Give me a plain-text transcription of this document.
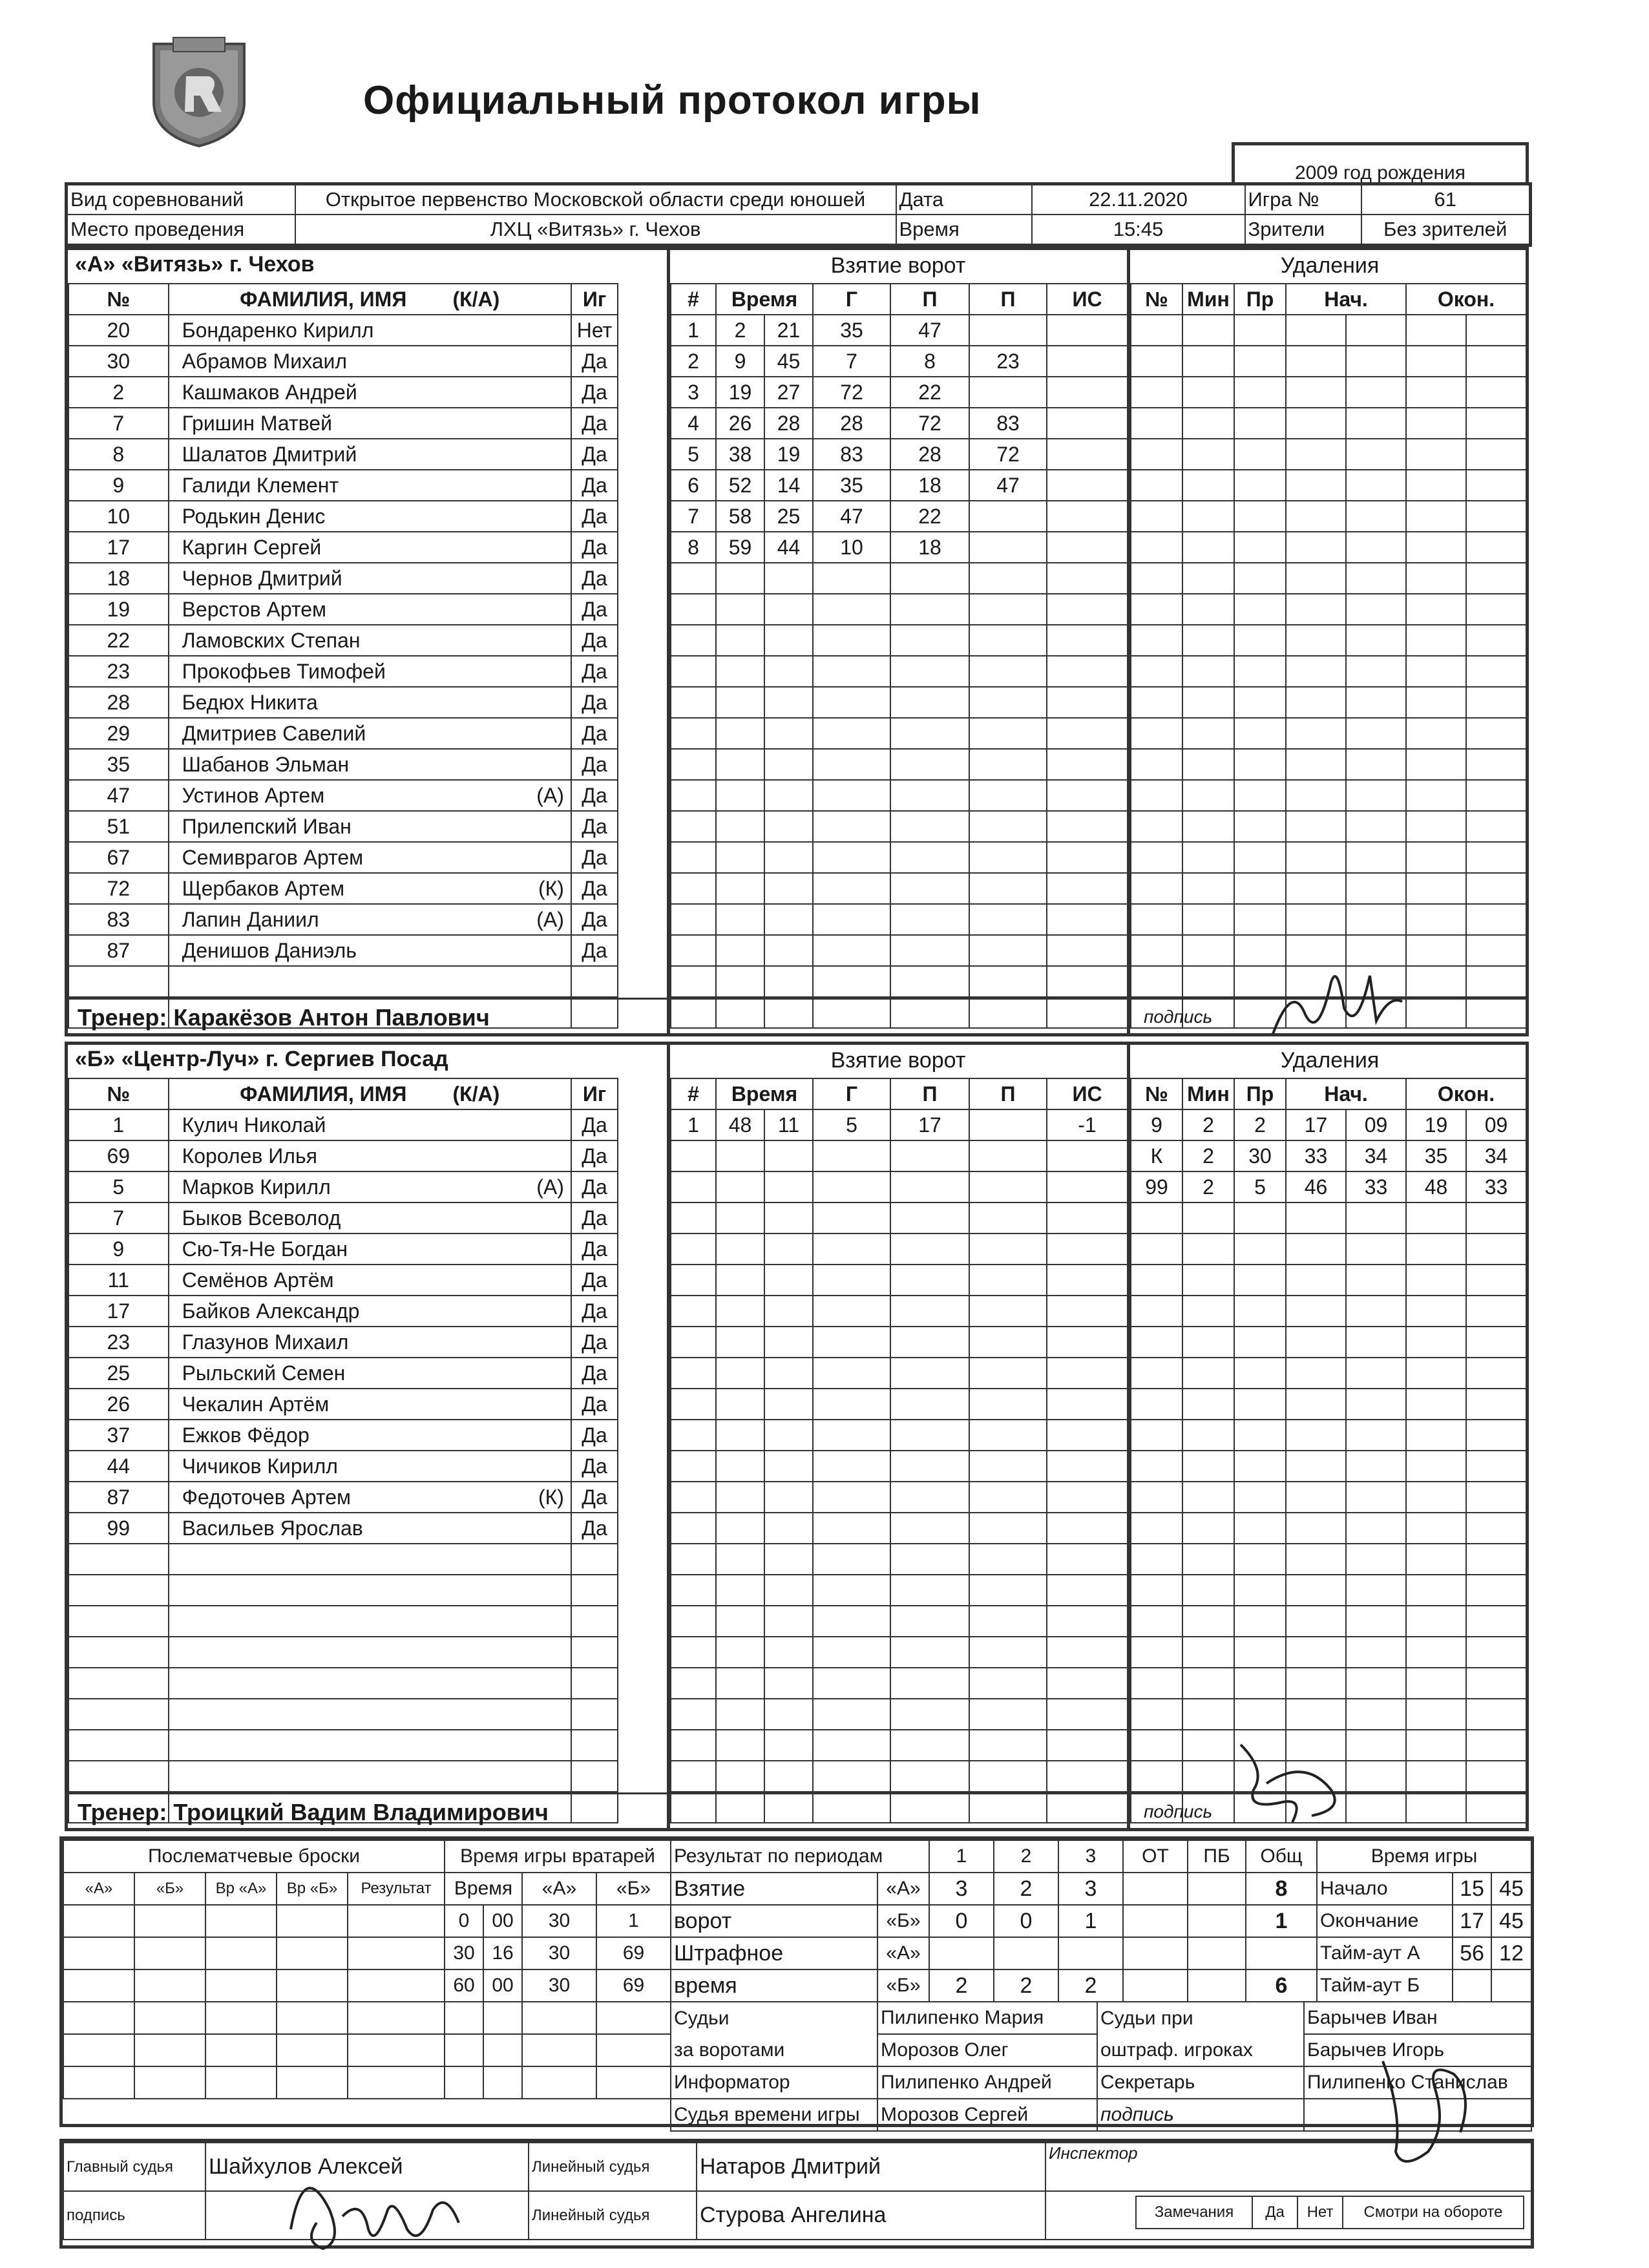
Официальный протокол игры
2009 год рождения
Вид соревнований	Открытое первенство Московской области среди юношей	Дата	22.11.2020	Игра №	61
Место проведения	ЛХЦ «Витязь» г. Чехов	Время	15:45	Зрители	Без зрителей
«А» «Витязь» г. Чехов	Взятие ворот	Удаления
№	ФАМИЛИЯ, ИМЯ (К/А)		Иг
20	Бондаренко Кирилл		Нет
30	Абрамов Михаил		Да
2	Кашмаков Андрей		Да
7	Гришин Матвей		Да
8	Шалатов Дмитрий		Да
9	Галиди Клемент		Да
10	Родькин Денис		Да
17	Каргин Сергей		Да
18	Чернов Дмитрий		Да
19	Верстов Артем		Да
22	Ламовских Степан		Да
23	Прокофьев Тимофей		Да
28	Бедюх Никита		Да
29	Дмитриев Савелий		Да
35	Шабанов Эльман		Да
47	Устинов Артем (А)		Да
51	Прилепский Иван		Да
67	Семивpагов Артем		Да
72	Щербаков Артем (К)		Да
83	Лапин Даниил (А)		Да
87	Денишов Даниэль		Да

#	Время		Г	П	П	ИС
1	2	21	35	47		
2	9	45	7	8	23	
3	19	27	72	22		
4	26	28	28	72	83	
5	38	19	83	28	72	
6	52	14	35	18	47	
7	58	25	47	22		
8	59	44	10	18		

№	Мин	Пр	Нач.		Окон.	

Тренер: Каракёзов Антон Павлович	подпись
«Б» «Центр-Луч» г. Сергиев Посад	Взятие ворот	Удаления
№	ФАМИЛИЯ, ИМЯ (К/А)		Иг
1	Кулич Николай		Да
69	Королев Илья		Да
5	Марков Кирилл (А)		Да
7	Быков Всеволод		Да
9	Сю-Тя-Не Богдан		Да
11	Семёнов Артём		Да
17	Байков Александр		Да
23	Глазунов Михаил		Да
25	Рыльский Семен		Да
26	Чекалин Артём		Да
37	Ежков Фёдор		Да
44	Чичиков Кирилл		Да
87	Федоточев Артем (К)		Да
99	Васильев Ярослав		Да

#	Время		Г	П	П	ИС
1	48	11	5	17		-1

№	Мин	Пр	Нач.		Окон.	
9	2	2	17	09	19	09
К	2	30	33	34	35	34
99	2	5	46	33	48	33

Тренер: Троицкий Вадим Владимирович	подпись
Послематчевые броски				
«А»	«Б»	Вр «А»	Вр «Б»	Результат

Время игры вратарей			
Время		«А»	«Б»
0	00	30	1
30	16	30	69
60	00	30	69

Результат по периодам		1	2	3	ОТ	ПБ	Общ
Взятие	«А»	3	2	3			8
ворот	«Б»	0	0	1			1
Штрафное	«А»						
время	«Б»	2	2	2			6
Время игры		
Начало	15	45
Окончание	17	45
Тайм-аут А	56	12
Тайм-аут Б		
Судьи	Пилипенко Мария	Судьи при	Барычев Иван
за воротами	Морозов Олег	оштраф. игроках	Барычев Игорь
Информатор	Пилипенко Андрей	Секретарь	Пилипенко Станислав
Судья времени игры	Морозов Сергей	подпись	
Главный судья	Шайхулов Алексей	Линейный судья	Натаров Дмитрий	Инспектор
подпись		Линейный судья	Стурова Ангелина		Замечания	Да	Нет	Смотри на обороте
